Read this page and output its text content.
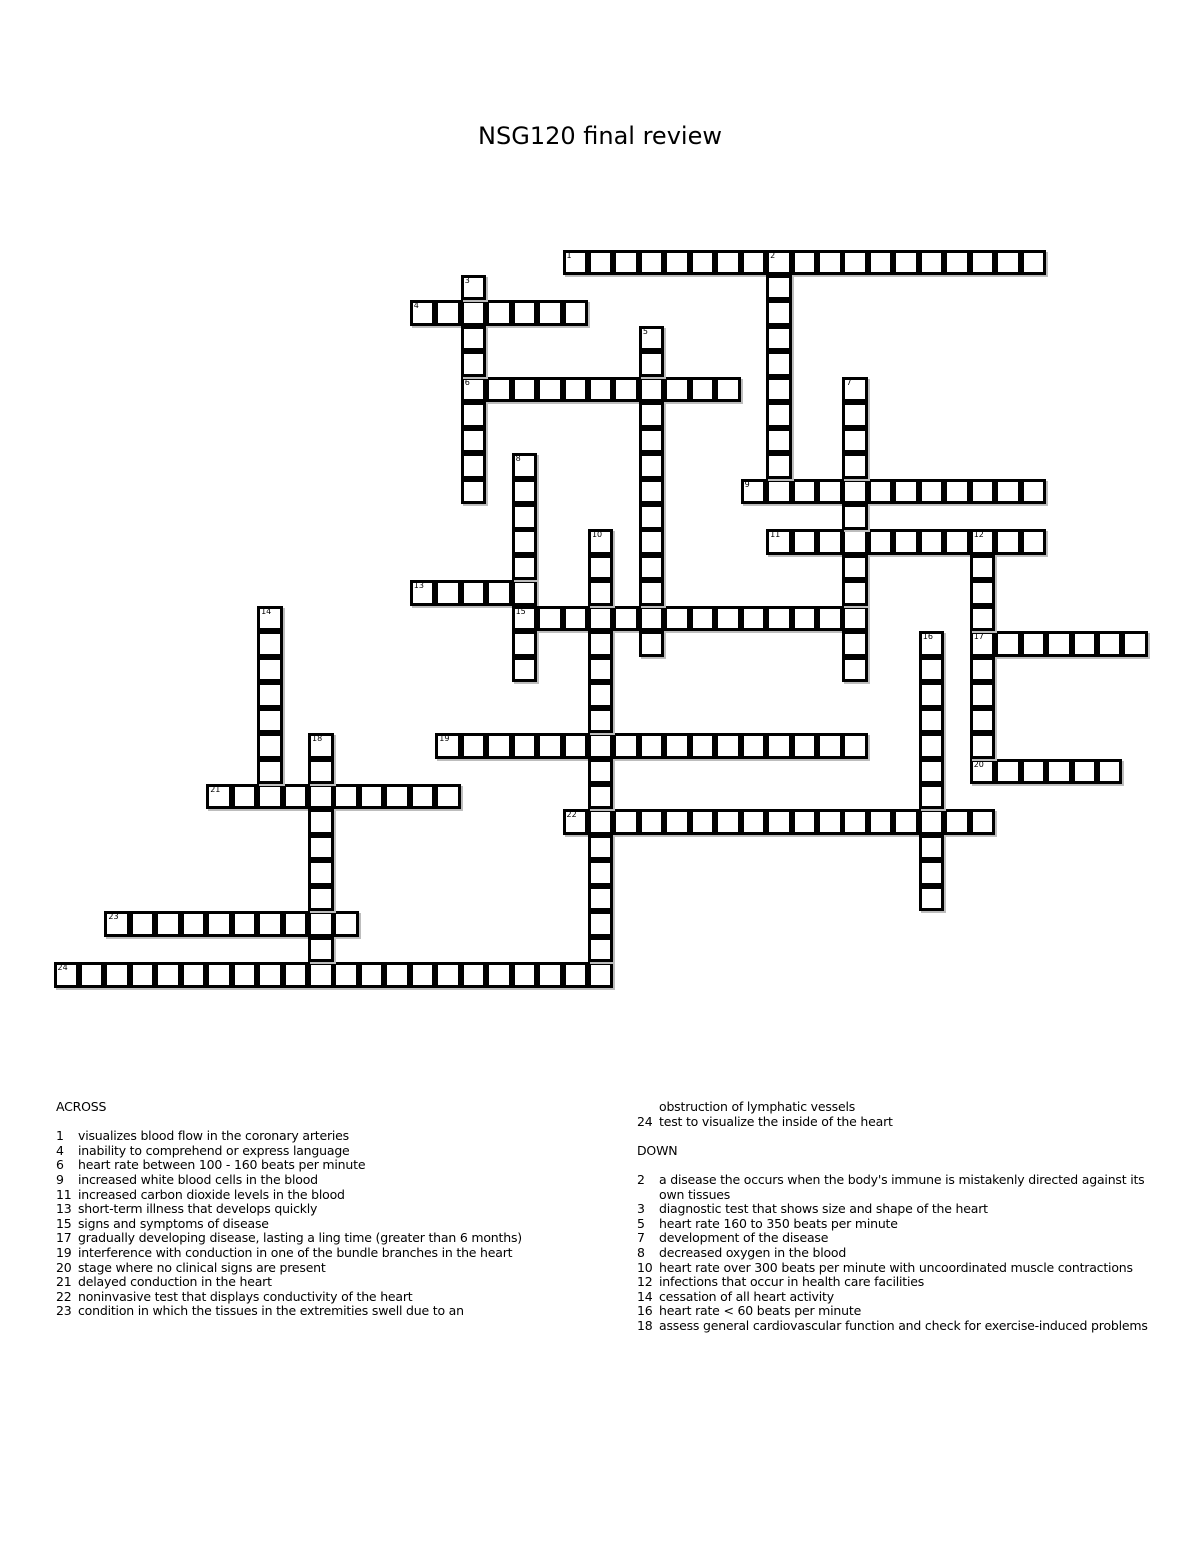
NSG120 final review
1	2
4
6
9
11	12
13
15
17
19
20
21
22
23
24
3
5
7
8
10
14
16
18
ACROSS
1 visualizes blood flow in the coronary arteries
4 inability to comprehend or express language
6 heart rate between 100 - 160 beats per minute
9 increased white blood cells in the blood
11 increased carbon dioxide levels in the blood
13 short-term illness that develops quickly
15 signs and symptoms of disease
17 gradually developing disease, lasting a ling time (greater than 6 months)
19 interference with conduction in one of the bundle branches in the heart
20 stage where no clinical signs are present
21 delayed conduction in the heart
22 noninvasive test that displays conductivity of the heart
23 condition in which the tissues in the extremities swell due to an
obstruction of lymphatic vessels
24 test to visualize the inside of the heart
DOWN
2 a disease the occurs when the body's immune is mistakenly directed against its own tissues
3 diagnostic test that shows size and shape of the heart
5 heart rate 160 to 350 beats per minute
7 development of the disease
8 decreased oxygen in the blood
10 heart rate over 300 beats per minute with uncoordinated muscle contractions
12 infections that occur in health care facilities
14 cessation of all heart activity
16 heart rate < 60 beats per minute
18 assess general cardiovascular function and check for exercise-induced problems
